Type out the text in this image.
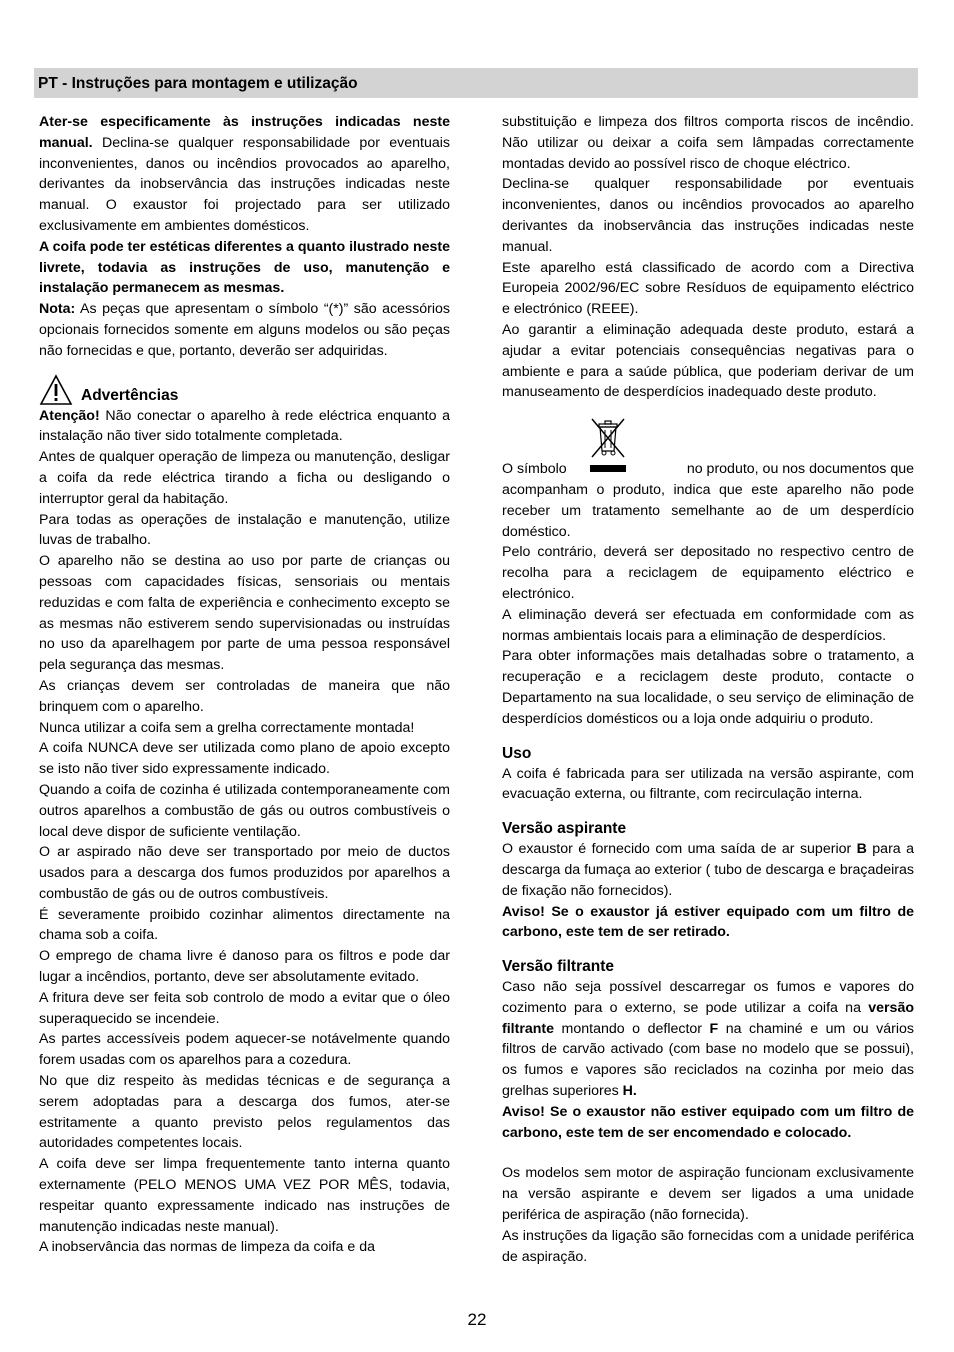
PT - Instruções para montagem e utilização

Ater-se especificamente às instruções indicadas neste manual. Declina-se qualquer responsabilidade por eventuais inconvenientes, danos ou incêndios provocados ao aparelho, derivantes da inobservância das instruções indicadas neste manual. O exaustor foi projectado para ser utilizado exclusivamente em ambientes domésticos.

A coifa pode ter estéticas diferentes a quanto ilustrado neste livrete, todavia as instruções de uso, manutenção e instalação permanecem as mesmas.

Nota: As peças que apresentam o símbolo “(*)” são acessórios opcionais fornecidos somente em alguns modelos ou são peças não fornecidas e que, portanto, deverão ser adquiridas.

Advertências

Atenção! Não conectar o aparelho à rede eléctrica enquanto a instalação não tiver sido totalmente completada.

Antes de qualquer operação de limpeza ou manutenção, desligar a coifa da rede eléctrica tirando a ficha ou desligando o interruptor geral da habitação.

Para todas as operações de instalação e manutenção, utilize luvas de trabalho.

O aparelho não se destina ao uso por parte de crianças ou pessoas com capacidades físicas, sensoriais ou mentais reduzidas e com falta de experiência e conhecimento excepto se as mesmas não estiverem sendo supervisionadas ou instruídas no uso da aparelhagem por parte de uma pessoa responsável pela segurança das mesmas.

As crianças devem ser controladas de maneira que não brinquem com o aparelho.

Nunca utilizar a coifa sem a grelha correctamente montada!

A coifa NUNCA deve ser utilizada como plano de apoio excepto se isto não tiver sido expressamente indicado.

Quando a coifa de cozinha é utilizada contemporaneamente com outros aparelhos a combustão de gás ou outros combustíveis o local deve dispor de suficiente ventilação.

O ar aspirado não deve ser transportado por meio de ductos usados para a descarga dos fumos produzidos por aparelhos a combustão de gás ou de outros combustíveis.

É severamente proibido cozinhar alimentos directamente na chama sob a coifa.

O emprego de chama livre é danoso para os filtros e pode dar lugar a incêndios, portanto, deve ser absolutamente evitado.

A fritura deve ser feita sob controlo de modo a evitar que o óleo superaquecido se incendeie.

As partes accessíveis podem aquecer-se notávelmente quando forem usadas com os aparelhos para a cozedura.

No que diz respeito às medidas técnicas e de segurança a serem adoptadas para a descarga dos fumos, ater-se estritamente a quanto previsto pelos regulamentos das autoridades competentes locais.

A coifa deve ser limpa frequentemente tanto interna quanto externamente (PELO MENOS UMA VEZ POR MÊS, todavia, respeitar quanto expressamente indicado nas instruções de manutenção indicadas neste manual).

A inobservância das normas de limpeza da coifa e da

substituição e limpeza dos filtros comporta riscos de incêndio. Não utilizar ou deixar a coifa sem lâmpadas correctamente montadas devido ao possível risco de choque eléctrico.

Declina-se qualquer responsabilidade por eventuais inconvenientes, danos ou incêndios provocados ao aparelho derivantes da inobservância das instruções indicadas neste manual.

Este aparelho está classificado de acordo com a Directiva Europeia 2002/96/EC sobre Resíduos de equipamento eléctrico e electrónico (REEE).

Ao garantir a eliminação adequada deste produto, estará a ajudar a evitar potenciais consequências negativas para o ambiente e para a saúde pública, que poderiam derivar de um manuseamento de desperdícios inadequado deste produto.

O símbolo	no produto, ou nos documentos que

acompanham o produto, indica que este aparelho não pode receber um tratamento semelhante ao de um desperdício doméstico.

Pelo contrário, deverá ser depositado no respectivo centro de recolha para a reciclagem de equipamento eléctrico e electrónico.

A eliminação deverá ser efectuada em conformidade com as normas ambientais locais para a eliminação de desperdícios.

Para obter informações mais detalhadas sobre o tratamento, a recuperação e a reciclagem deste produto, contacte o Departamento na sua localidade, o seu serviço de eliminação de desperdícios domésticos ou a loja onde adquiriu o produto.

Uso

A coifa é fabricada para ser utilizada na versão aspirante, com evacuação externa, ou filtrante, com recirculação interna.

Versão aspirante

O exaustor é fornecido com uma saída de ar superior B para a descarga da fumaça ao exterior ( tubo de descarga e braçadeiras de fixação não fornecidos).

Aviso! Se o exaustor já estiver equipado com um filtro de carbono, este tem de ser retirado.

Versão filtrante

Caso não seja possível descarregar os fumos e vapores do cozimento para o externo, se pode utilizar a coifa na versão filtrante montando o deflector F na chaminé e um ou vários filtros de carvão activado (com base no modelo que se possui), os fumos e vapores são reciclados na cozinha por meio das grelhas superiores H.

Aviso! Se o exaustor não estiver equipado com um filtro de carbono, este tem de ser encomendado e colocado.

Os modelos sem motor de aspiração funcionam exclusivamente na versão aspirante e devem ser ligados a uma unidade periférica de aspiração (não fornecida).

As instruções da ligação são fornecidas com a unidade periférica de aspiração.

22
